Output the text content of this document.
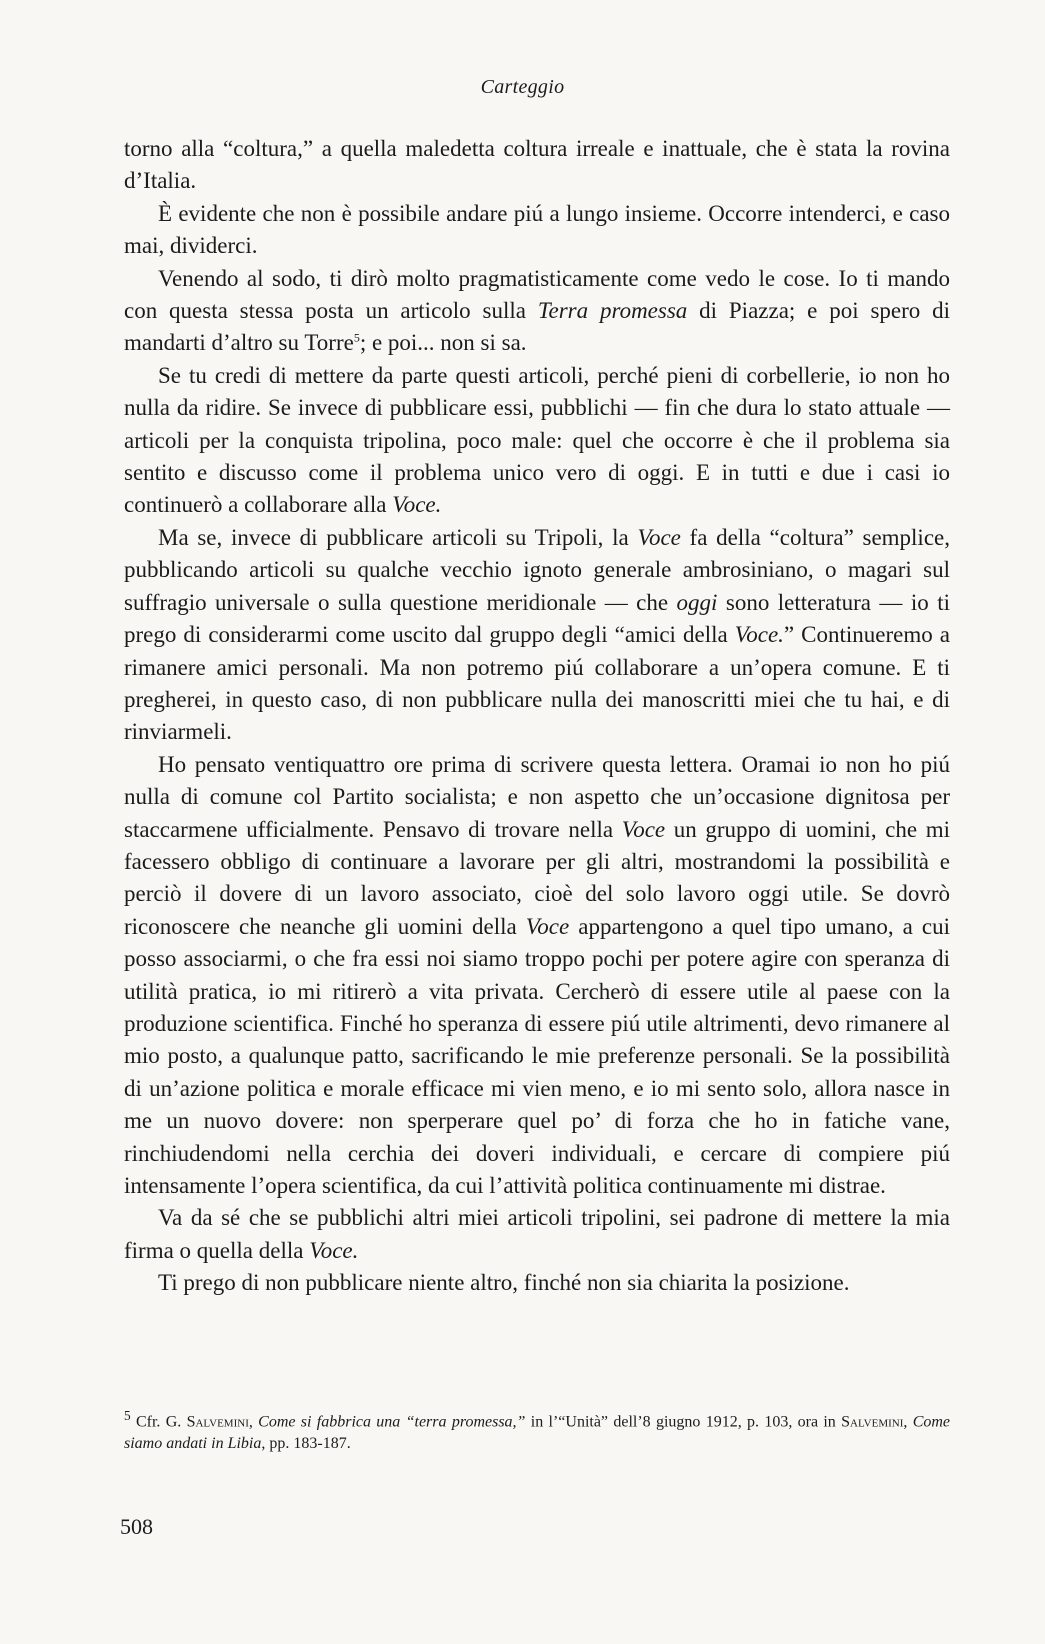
Carteggio

torno alla “coltura,” a quella maledetta coltura irreale e inattuale, che è stata la rovina d’Italia.

È evidente che non è possibile andare piú a lungo insieme. Occorre intenderci, e caso mai, dividerci.

Venendo al sodo, ti dirò molto pragmatisticamente come vedo le cose. Io ti mando con questa stessa posta un articolo sulla Terra promessa di Piazza; e poi spero di mandarti d’altro su Torre$^5$; e poi... non si sa.

Se tu credi di mettere da parte questi articoli, perché pieni di corbellerie, io non ho nulla da ridire. Se invece di pubblicare essi, pubblichi — fin che dura lo stato attuale — articoli per la conquista tripolina, poco male: quel che occorre è che il problema sia sentito e discusso come il problema unico vero di oggi. E in tutti e due i casi io continuerò a collaborare alla Voce.

Ma se, invece di pubblicare articoli su Tripoli, la Voce fa della “coltura” semplice, pubblicando articoli su qualche vecchio ignoto generale ambrosiniano, o magari sul suffragio universale o sulla questione meridionale — che oggi sono letteratura — io ti prego di considerarmi come uscito dal gruppo degli “amici della Voce.” Continueremo a rimanere amici personali. Ma non potremo piú collaborare a un’opera comune. E ti pregherei, in questo caso, di non pubblicare nulla dei manoscritti miei che tu hai, e di rinviarmeli.

Ho pensato ventiquattro ore prima di scrivere questa lettera. Oramai io non ho piú nulla di comune col Partito socialista; e non aspetto che un’occasione dignitosa per staccarmene ufficialmente. Pensavo di trovare nella Voce un gruppo di uomini, che mi facessero obbligo di continuare a lavorare per gli altri, mostrandomi la possibilità e perciò il dovere di un lavoro associato, cioè del solo lavoro oggi utile. Se dovrò riconoscere che neanche gli uomini della Voce appartengono a quel tipo umano, a cui posso associarmi, o che fra essi noi siamo troppo pochi per potere agire con speranza di utilità pratica, io mi ritirerò a vita privata. Cercherò di essere utile al paese con la produzione scientifica. Finché ho speranza di essere piú utile altrimenti, devo rimanere al mio posto, a qualunque patto, sacrificando le mie preferenze personali. Se la possibilità di un’azione politica e morale efficace mi vien meno, e io mi sento solo, allora nasce in me un nuovo dovere: non sperperare quel po’ di forza che ho in fatiche vane, rinchiudendomi nella cerchia dei doveri individuali, e cercare di compiere piú intensamente l’opera scientifica, da cui l’attività politica continuamente mi distrae.

Va da sé che se pubblichi altri miei articoli tripolini, sei padrone di mettere la mia firma o quella della Voce.

Ti prego di non pubblicare niente altro, finché non sia chiarita la posizione.

$^5$ Cfr. G. Salvemini, Come si fabbrica una “terra promessa,” in l’“Unità” dell’8 giugno 1912, p. 103, ora in Salvemini, Come siamo andati in Libia, pp. 183-187.
508
